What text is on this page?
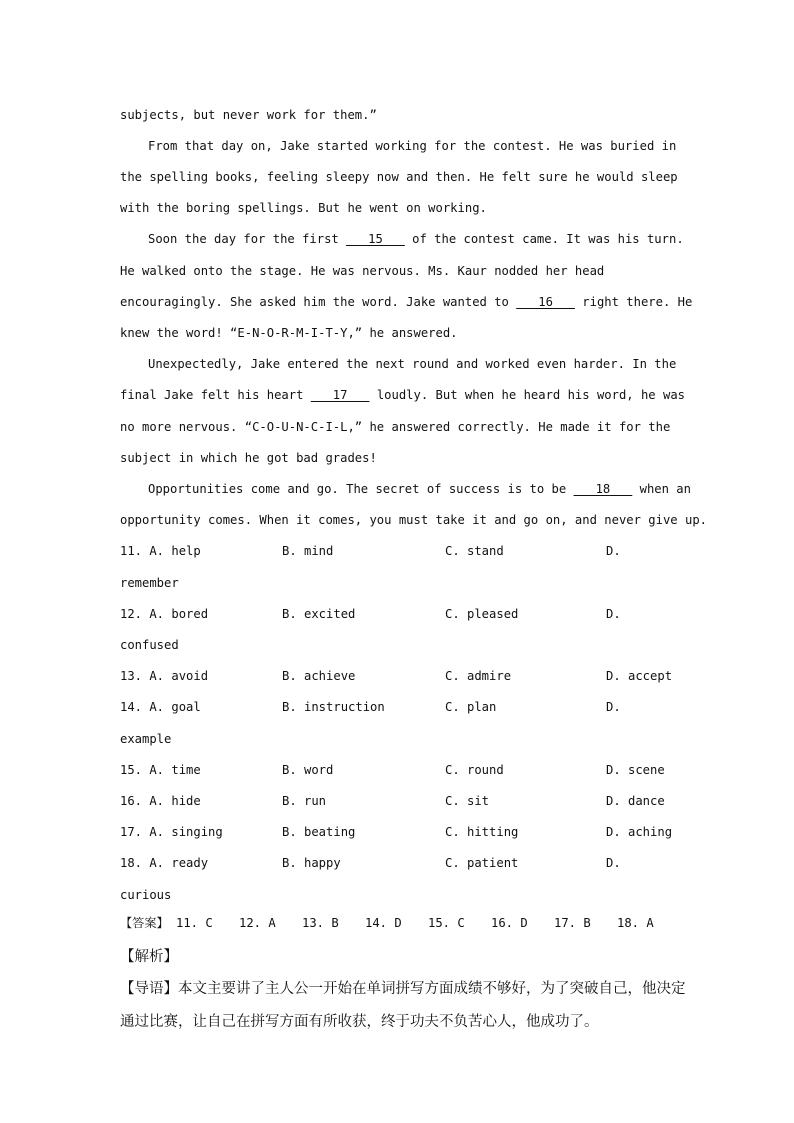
subjects, but never work for them.”
From that day on, Jake started working for the contest. He was buried in
the spelling books, feeling sleepy now and then. He felt sure he would sleep
with the boring spellings. But he went on working.
Soon the day for the first    15    of the contest came. It was his turn.
He walked onto the stage. He was nervous. Ms. Kaur nodded her head
encouragingly. She asked him the word. Jake wanted to    16    right there. He
knew the word! “E-N-O-R-M-I-T-Y,” he answered.
Unexpectedly, Jake entered the next round and worked even harder. In the
final Jake felt his heart    17    loudly. But when he heard his word, he was
no more nervous. “C-O-U-N-C-I-L,” he answered correctly. He made it for the
subject in which he got bad grades!
Opportunities come and go. The secret of success is to be    18    when an
opportunity comes. When it comes, you must take it and go on, and never give up.
11. A. help	B. mind	C. stand	D.
remember
12. A. bored	B. excited	C. pleased	D.
confused
13. A. avoid	B. achieve	C. admire	D. accept
14. A. goal	B. instruction	C. plan	D.
example
15. A. time	B. word	C. round	D. scene
16. A. hide	B. run	C. sit	D. dance
17. A. singing	B. beating	C. hitting	D. aching
18. A. ready	B. happy	C. patient	D.
curious
【答案】 11. C 12. A 13. B 14. D 15. C 16. D 17. B 18. A
【解析】
【导语】本文主要讲了主人公一开始在单词拼写方面成绩不够好，为了突破自己，他决定
通过比赛，让自己在拼写方面有所收获，终于功夫不负苦心人，他成功了。
